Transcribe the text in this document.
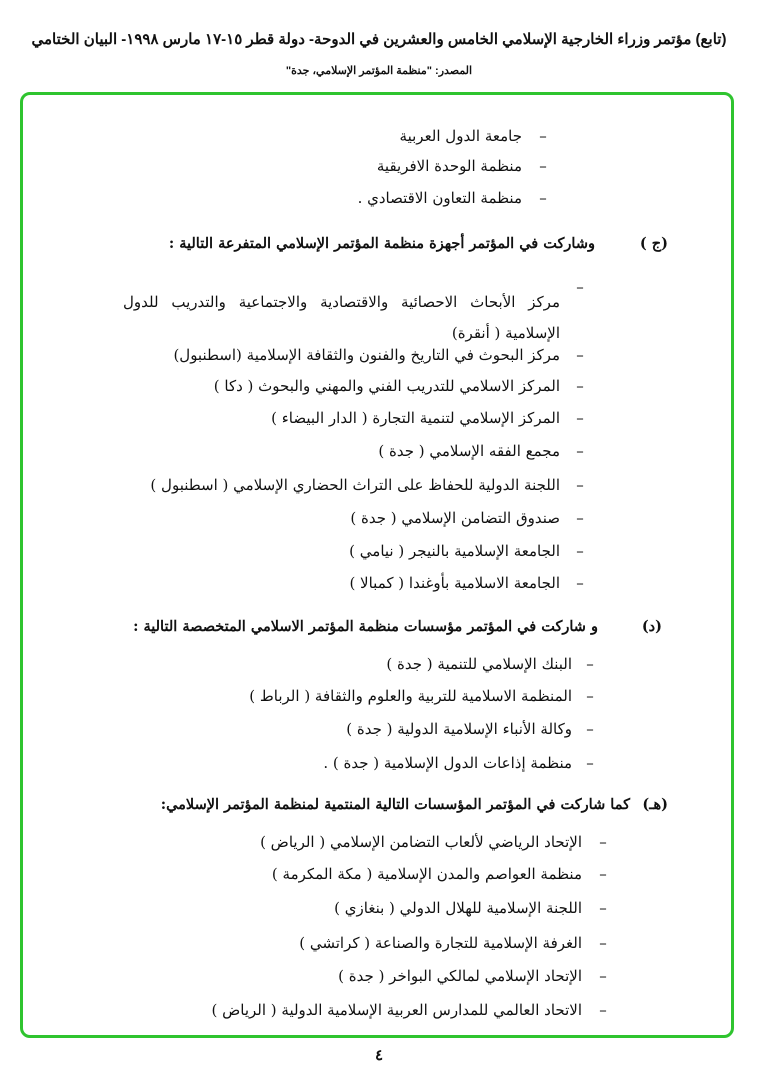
(تابع) مؤتمر وزراء الخارجية الإسلامي الخامس والعشرين في الدوحة- دولة قطر ١٥-١٧ مارس ١٩٩٨- البيان الختامي
المصدر: "منظمة المؤتمر الإسلامي، جدة"
–
جامعة الدول العربية
–
منظمة الوحدة الافريقية
–
منظمة التعاون الاقتصادي .
(ج )
وشاركت في المؤتمر أجهزة منظمة المؤتمر الإسلامي المتفرعة التالية :
–
مركز الأبحاث الاحصائية والاقتصادية والاجتماعية والتدريب للدول الإسلامية ( أنقرة)
–
مركز البحوث في التاريخ والفنون والثقافة الإسلامية (اسطنبول)
–
المركز الاسلامي للتدريب الفني والمهني والبحوث ( دكا )
–
المركز الإسلامي لتنمية التجارة ( الدار البيضاء )
–
مجمع الفقه الإسلامي ( جدة )
–
اللجنة الدولية للحفاظ على التراث الحضاري الإسلامي ( اسطنبول )
–
صندوق التضامن الإسلامي ( جدة )
–
الجامعة الإسلامية بالنيجر ( نيامي )
–
الجامعة الاسلامية بأوغندا ( كمبالا )
(د)
و شاركت في المؤتمر مؤسسات منظمة المؤتمر الاسلامي المتخصصة التالية :
–
البنك الإسلامي للتنمية ( جدة )
–
المنظمة الاسلامية للتربية والعلوم والثقافة ( الرباط )
–
وكالة الأنباء الإسلامية الدولية ( جدة )
–
منظمة إذاعات الدول الإسلامية ( جدة ) .
(هـ)
كما شاركت في المؤتمر المؤسسات التالية المنتمية لمنظمة المؤتمر الإسلامي:
–
الإتحاد الرياضي لألعاب التضامن الإسلامي ( الرياض )
–
منظمة العواصم والمدن الإسلامية ( مكة المكرمة )
–
اللجنة الإسلامية للهلال الدولي ( بنغازي )
–
الغرفة الإسلامية للتجارة والصناعة ( كراتشي )
–
الإتحاد الإسلامي لمالكي البواخر ( جدة )
–
الاتحاد العالمي للمدارس العربية الإسلامية الدولية ( الرياض )
٤
